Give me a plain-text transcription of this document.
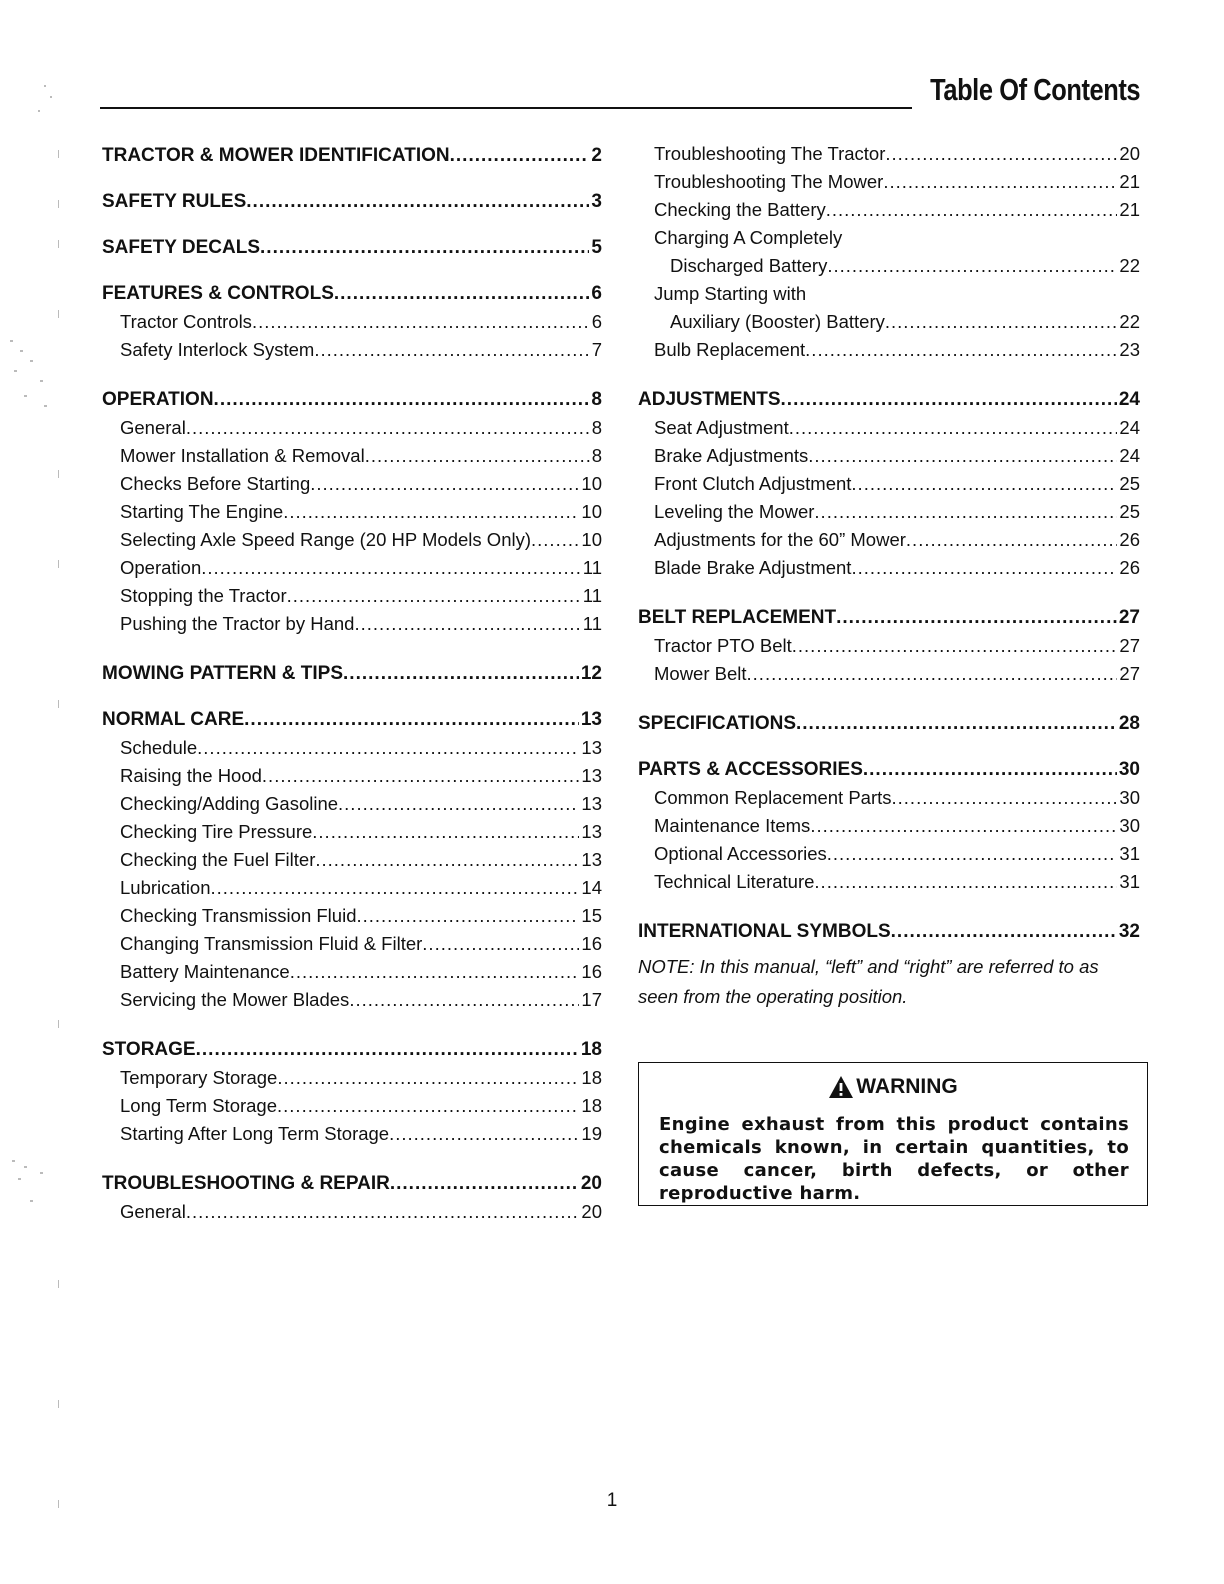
Table Of Contents
TRACTOR & MOWER IDENTIFICATION .....	2
SAFETY RULES .....	3
SAFETY DECALS .....	5
FEATURES & CONTROLS .....	6
Tractor Controls .....	6
Safety Interlock System .....	7
OPERATION .....	8
General .....	8
Mower Installation & Removal .....	8
Checks Before Starting .....	10
Starting The Engine .....	10
Selecting Axle Speed Range (20 HP Models Only) .....	10
Operation .....	11
Stopping the Tractor .....	11
Pushing the Tractor by Hand .....	11
MOWING PATTERN & TIPS .....	12
NORMAL CARE .....	13
Schedule .....	13
Raising the Hood .....	13
Checking/Adding Gasoline .....	13
Checking Tire Pressure .....	13
Checking the Fuel Filter .....	13
Lubrication .....	14
Checking Transmission Fluid .....	15
Changing Transmission Fluid & Filter .....	16
Battery Maintenance .....	16
Servicing the Mower Blades .....	17
STORAGE .....	18
Temporary Storage .....	18
Long Term Storage .....	18
Starting After Long Term Storage .....	19
TROUBLESHOOTING & REPAIR .....	20
General .....	20
Troubleshooting The Tractor .....	20
Troubleshooting The Mower .....	21
Checking the Battery .....	21
Charging A Completely
Discharged Battery .....	22
Jump Starting with
Auxiliary (Booster) Battery .....	22
Bulb Replacement .....	23
ADJUSTMENTS .....	24
Seat Adjustment .....	24
Brake Adjustments .....	24
Front Clutch Adjustment .....	25
Leveling the Mower .....	25
Adjustments for the 60” Mower .....	26
Blade Brake Adjustment .....	26
BELT REPLACEMENT .....	27
Tractor PTO Belt .....	27
Mower Belt .....	27
SPECIFICATIONS .....	28
PARTS & ACCESSORIES .....	30
Common Replacement Parts .....	30
Maintenance Items .....	30
Optional Accessories .....	31
Technical Literature .....	31
INTERNATIONAL SYMBOLS .....	32
NOTE: In this manual, “left” and “right” are referred to as seen from the operating position.
WARNING
Engine exhaust from this product contains chemicals known, in certain quantities, to cause cancer, birth defects, or other reproductive harm.
1
